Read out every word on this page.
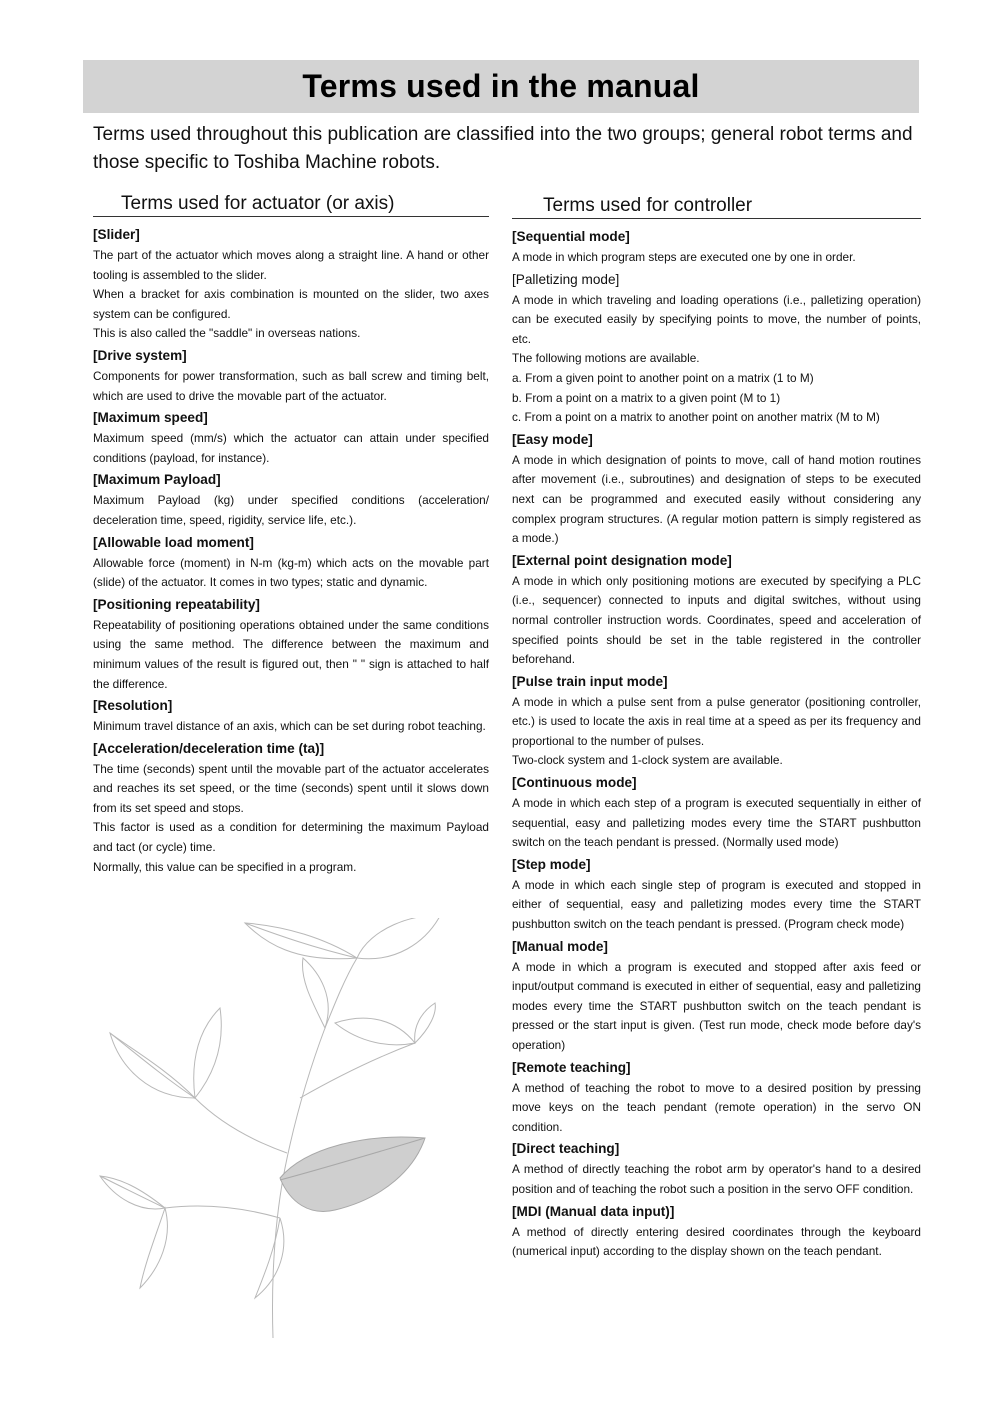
Terms used in the manual
Terms used throughout this publication are classified into the two groups; general robot terms and those specific to Toshiba Machine robots.
Terms used for actuator (or axis)
[Slider]

The part of the actuator which moves along a straight line. A hand or other tooling is assembled to the slider.

When a bracket for axis combination is mounted on the slider, two axes system can be configured.

This is also called the "saddle" in overseas nations.

[Drive system]

Components for power transformation, such as ball screw and timing belt, which are used to drive the movable part of the actuator.

[Maximum speed]

Maximum speed (mm/s) which the actuator can attain under specified conditions (payload, for instance).

[Maximum Payload]

Maximum Payload (kg) under specified conditions (acceleration/ deceleration time, speed, rigidity, service life, etc.).

[Allowable load moment]

Allowable force (moment) in N-m (kg-m) which acts on the movable part (slide) of the actuator. It comes in two types; static and dynamic.

[Positioning repeatability]

Repeatability of positioning operations obtained under the same conditions using the same method. The difference between the maximum and minimum values of the result is figured out, then " " sign is attached to half the difference.

[Resolution]

Minimum travel distance of an axis, which can be set during robot teaching.

[Acceleration/deceleration time (ta)]

The time (seconds) spent until the movable part of the actuator accelerates and reaches its set speed, or the time (seconds) spent until it slows down from its set speed and stops.

This factor is used as a condition for determining the maximum Payload and tact (or cycle) time.

Normally, this value can be specified in a program.

Terms used for controller
[Sequential mode]

A mode in which program steps are executed one by one in order.

[Palletizing mode]

A mode in which traveling and loading operations (i.e., palletizing operation) can be executed easily by specifying points to move, the number of points, etc.

The following motions are available.

a. From a given point to another point on a matrix (1 to M)

b. From a point on a matrix to a given point (M to 1)

c. From a point on a matrix to another point on another matrix (M to M)

[Easy mode]

A mode in which designation of points to move, call of hand motion routines after movement (i.e., subroutines) and designation of steps to be executed next can be programmed and executed easily without considering any complex program structures. (A regular motion pattern is simply registered as a mode.)

[External point designation mode]

A mode in which only positioning motions are executed by specifying a PLC (i.e., sequencer) connected to inputs and digital switches, without using normal controller instruction words. Coordinates, speed and acceleration of specified points should be set in the table registered in the controller beforehand.

[Pulse train input mode]

A mode in which a pulse sent from a pulse generator (positioning controller, etc.) is used to locate the axis in real time at a speed as per its frequency and proportional to the number of pulses.

Two-clock system and 1-clock system are available.

[Continuous mode]

A mode in which each step of a program is executed sequentially in either of sequential, easy and palletizing modes every time the START pushbutton switch on the teach pendant is pressed. (Normally used mode)

[Step mode]

A mode in which each single step of program is executed and stopped in either of sequential, easy and palletizing modes every time the START pushbutton switch on the teach pendant is pressed. (Program check mode)

[Manual mode]

A mode in which a program is executed and stopped after axis feed or input/output command is executed in either of sequential, easy and palletizing modes every time the START pushbutton switch on the teach pendant is pressed or the start input is given. (Test run mode, check mode before day's operation)

[Remote teaching]

A method of teaching the robot to move to a desired position by pressing move keys on the teach pendant (remote operation) in the servo ON condition.

[Direct teaching]

A method of directly teaching the robot arm by operator's hand to a desired position and of teaching the robot such a position in the servo OFF condition.

[MDI (Manual data input)]

A method of directly entering desired coordinates through the keyboard (numerical input) according to the display shown on the teach pendant.
